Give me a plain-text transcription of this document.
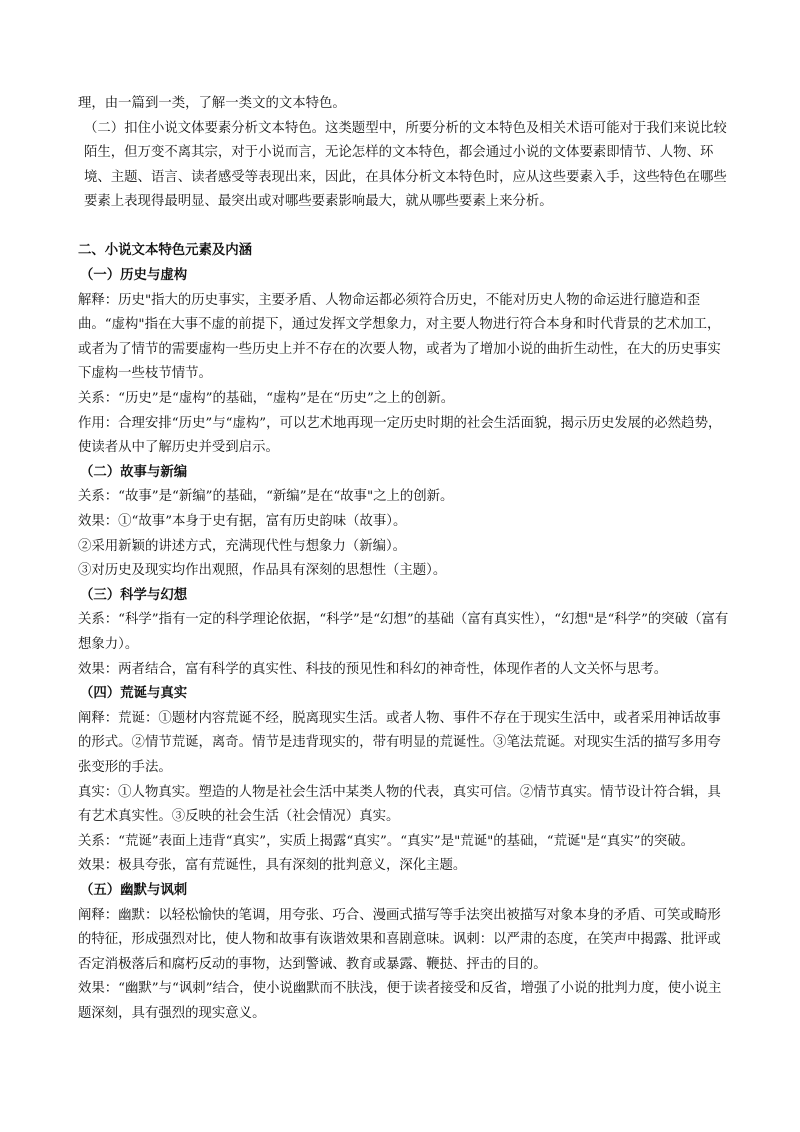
理，由一篇到一类，了解一类文的文本特色。

（二）扣住小说文体要素分析文本特色。这类题型中，所要分析的文本特色及相关术语可能对于我们来说比较陌生，但万变不离其宗，对于小说而言，无论怎样的文本特色，都会通过小说的文体要素即情节、人物、环境、主题、语言、读者感受等表现出来，因此，在具体分析文本特色时，应从这些要素入手，这些特色在哪些要素上表现得最明显、最突出或对哪些要素影响最大，就从哪些要素上来分析。

二、小说文本特色元素及内涵

（一）历史与虚构

解释：历史"指大的历史事实，主要矛盾、人物命运都必须符合历史，不能对历史人物的命运进行臆造和歪曲。“虚构"指在大事不虚的前提下，通过发挥文学想象力，对主要人物进行符合本身和时代背景的艺术加工，或者为了情节的需要虚构一些历史上并不存在的次要人物，或者为了增加小说的曲折生动性，在大的历史事实下虚构一些枝节情节。

关系：“历史”是“虚构”的基础，“虚构”是在“历史”之上的创新。

作用：合理安排“历史”与“虚构”，可以艺术地再现一定历史时期的社会生活面貌，揭示历史发展的必然趋势，使读者从中了解历史并受到启示。

（二）故事与新编

关系：“故事”是“新编”的基础，“新编”是在“故事"之上的创新。

效果：①“故事”本身于史有据，富有历史韵味（故事）。

②采用新颖的讲述方式，充满现代性与想象力（新编）。

③对历史及现实均作出观照，作品具有深刻的思想性（主题）。

（三）科学与幻想

关系：“科学”指有一定的科学理论依据，“科学”是“幻想”的基础（富有真实性），“幻想"是“科学”的突破（富有想象力）。

效果：两者结合，富有科学的真实性、科技的预见性和科幻的神奇性，体现作者的人文关怀与思考。

（四）荒诞与真实

阐释：荒诞：①题材内容荒诞不经，脱离现实生活。或者人物、事件不存在于现实生活中，或者采用神话故事的形式。②情节荒诞，离奇。情节是违背现实的，带有明显的荒诞性。③笔法荒诞。对现实生活的描写多用夸张变形的手法。

真实：①人物真实。塑造的人物是社会生活中某类人物的代表，真实可信。②情节真实。情节设计符合辑，具有艺术真实性。③反映的社会生活（社会情况）真实。

关系：“荒诞”表面上违背“真实”，实质上揭露“真实”。“真实”是"荒诞"的基础，“荒诞"是“真实”的突破。

效果：极具夸张，富有荒诞性，具有深刻的批判意义，深化主题。

（五）幽默与讽刺

阐释：幽默：以轻松愉快的笔调，用夸张、巧合、漫画式描写等手法突出被描写对象本身的矛盾、可笑或畸形的特征，形成强烈对比，使人物和故事有诙谐效果和喜剧意味。讽刺：以严肃的态度，在笑声中揭露、批评或否定消极落后和腐朽反动的事物，达到警诫、教育或暴露、鞭挞、抨击的目的。

效果：“幽默”与“讽刺”结合，使小说幽默而不肤浅，便于读者接受和反省，增强了小说的批判力度，使小说主题深刻，具有强烈的现实意义。
